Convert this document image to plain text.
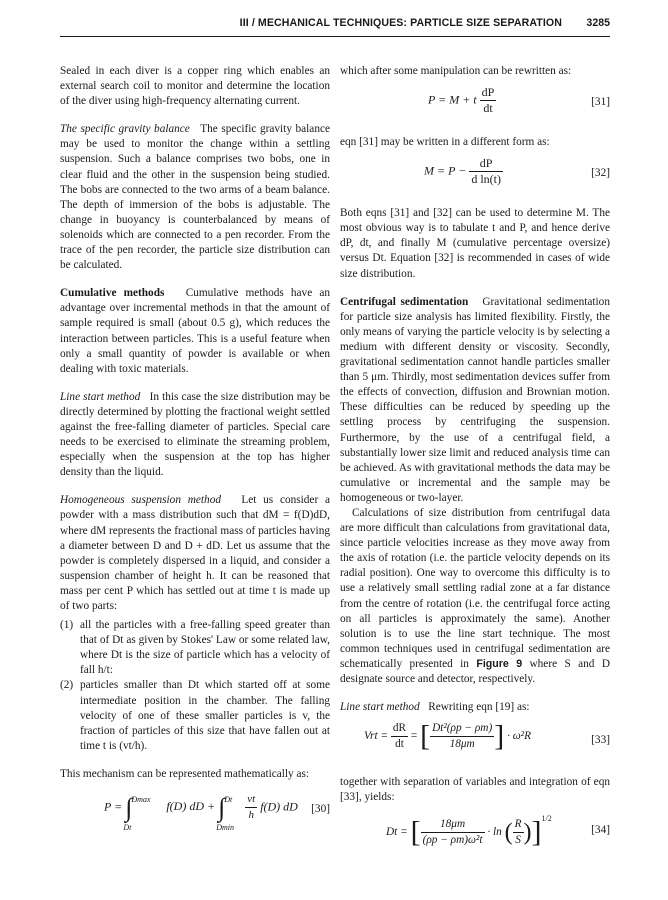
III / MECHANICAL TECHNIQUES: PARTICLE SIZE SEPARATION 3285

Sealed in each diver is a copper ring which enables an external search coil to monitor and determine the location of the diver using high-frequency alternating current.

The specific gravity balance The specific gravity balance may be used to monitor the change within a settling suspension. Such a balance comprises two bobs, one in clear fluid and the other in the suspension being studied. The bobs are connected to the two arms of a beam balance. The depth of immersion of the bobs is adjustable. The change in buoyancy is counterbalanced by means of solenoids which are connected to a pen recorder. From the trace of the pen recorder, the particle size distribution can be calculated.

Cumulative methods Cumulative methods have an advantage over incremental methods in that the amount of sample required is small (about 0.5 g), which reduces the interaction between particles. This is a useful feature when only a small quantity of powder is available or when dealing with toxic materials.

Line start method In this case the size distribution may be directly determined by plotting the fractional weight settled against the free-falling diameter of particles. Special care needs to be exercised to eliminate the streaming problem, especially when the suspension at the top has higher density than the liquid.

Homogeneous suspension method Let us consider a powder with a mass distribution such that dM = f(D)dD, where dM represents the fractional mass of particles having a diameter between D and D + dD. Let us assume that the powder is completely dispersed in a liquid, and consider a suspension chamber of height h. It can be reasoned that mass per cent P which has settled out at time t is made up of two parts:

(1) all the particles with a free-falling speed greater than that of Dt as given by Stokes' Law or some related law, where Dt is the size of particle which has a velocity of fall h/t:
(2) particles smaller than Dt which started off at some intermediate position in the chamber. The falling velocity of one of these smaller particles is v, the fraction of particles of this size that have fallen out at time t is (vt/h).

This mechanism can be represented mathematically as:

P = ∫ Dmax
Dt
f(D) dD + ∫ Dt
Dmin

$\frac{vt}{h} f(D)$ dD [30]

which after some manipulation can be rewritten as:

P = M + t $\frac{dP}{dt}$	[31]

eqn [31] may be written in a different form as:

$M = P - \frac{dP}{\text{d ln(t)}}$	[32]

Both eqns [31] and [32] can be used to determine M. The most obvious way is to tabulate t and P, and hence derive dP, dt, and finally M (cumulative percentage oversize) versus Dt. Equation [32] is recommended in cases of wide size distribution.

Centrifugal sedimentation Gravitational sedimentation for particle size analysis has limited flexibility. Firstly, the only means of varying the particle velocity is by selecting a medium with different density or viscosity. Secondly, gravitational sedimentation cannot handle particles smaller than 5 μm. Thirdly, most sedimentation devices suffer from the effects of convection, diffusion and Brownian motion. These difficulties can be reduced by speeding up the settling process by centrifuging the suspension. Furthermore, by the use of a centrifugal field, a substantially lower size limit and reduced analysis time can be achieved. As with gravitational methods the data may be cumulative or incremental and the sample may be homogeneous or two-layer.

Calculations of size distribution from centrifugal data are more difficult than calculations from gravitational data, since particle velocities increase as they move away from the axis of rotation (i.e. the particle velocity depends on its radial position). One way to overcome this difficulty is to use a relatively small settling radial zone at a far distance from the centre of rotation (i.e. the centrifugal force acting on all particles is approximately the same). Another solution is to use the line start technique. The most common techniques used in centrifugal sedimentation are schematically presented in Figure 9 where S and D designate source and detector, respectively.

Line start method Rewriting eqn [19] as:

Vrt = $\frac{dR}{dt}$ = [ $\frac{\text{Dt²(ρp − ρm)}}{18\mu m}$ ] · ω²R	[33]

together with separation of variables and integration of eqn [33], yields:

Dt = [ $\frac{18\mu m}{\text{(ρp − ρm)ω²t}} \cdot \ln$ ( $\frac{R}{S} )]^{1/2}$
[34]
